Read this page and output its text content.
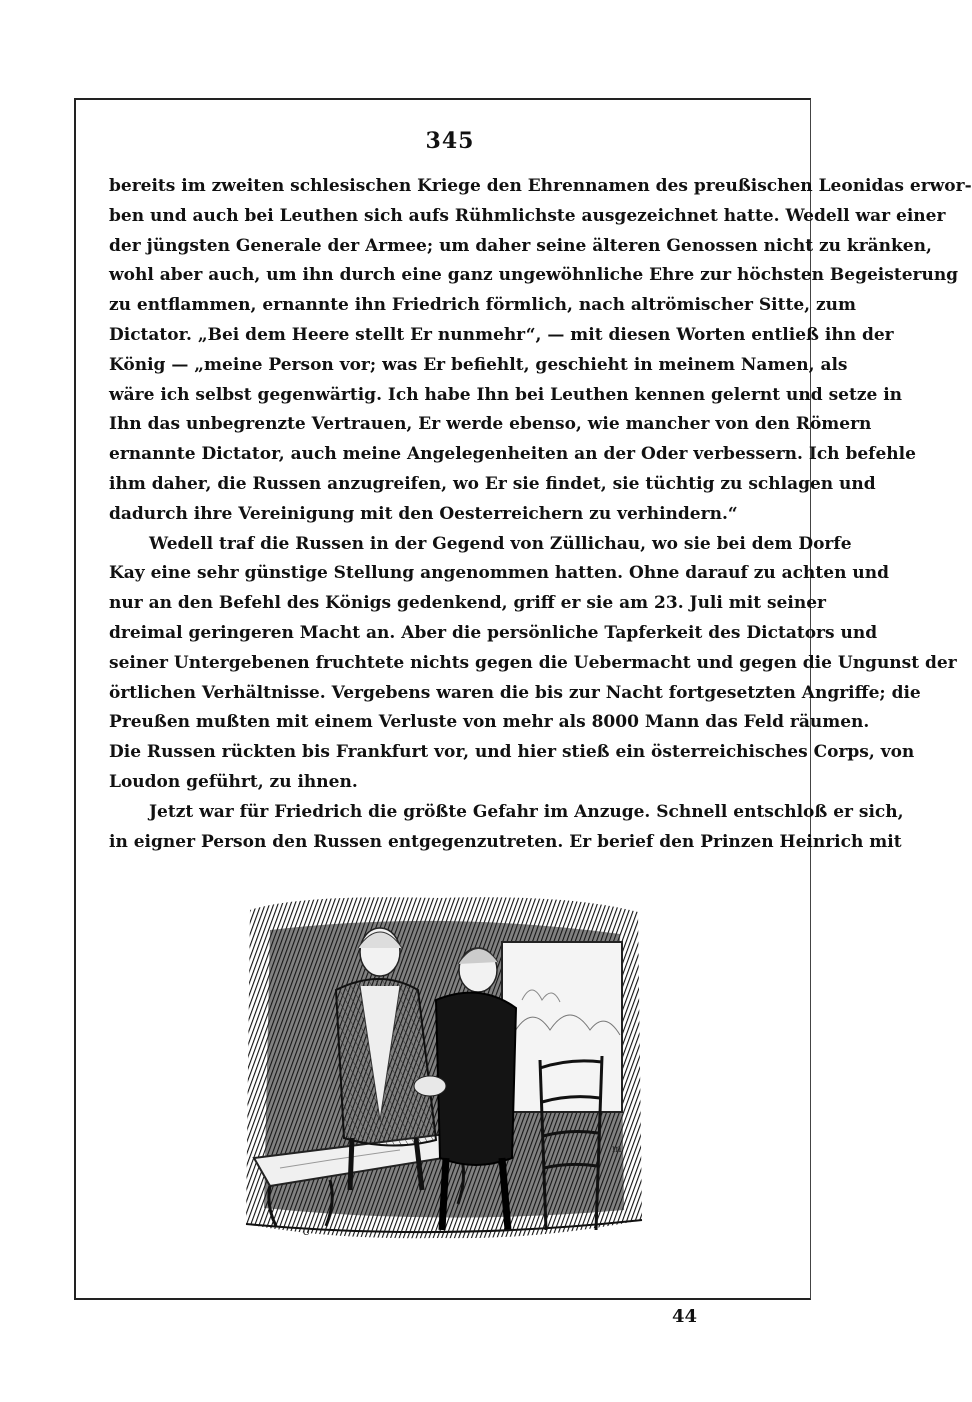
345

bereits im zweiten schlesischen Kriege den Ehrennamen des preußischen Leonidas erwor-
ben und auch bei Leuthen sich aufs Rühmlichste ausgezeichnet hatte. Wedell war einer
der jüngsten Generale der Armee; um daher seine älteren Genossen nicht zu kränken,
wohl aber auch, um ihn durch eine ganz ungewöhnliche Ehre zur höchsten Begeisterung
zu entflammen, ernannte ihn Friedrich förmlich, nach altrömischer Sitte, zum
Dictator. „Bei dem Heere stellt Er nunmehr“, — mit diesen Worten entließ ihn der
König — „meine Person vor; was Er befiehlt, geschieht in meinem Namen, als
wäre ich selbst gegenwärtig. Ich habe Ihn bei Leuthen kennen gelernt und setze in
Ihn das unbegrenzte Vertrauen, Er werde ebenso, wie mancher von den Römern
ernannte Dictator, auch meine Angelegenheiten an der Oder verbessern. Ich befehle
ihm daher, die Russen anzugreifen, wo Er sie findet, sie tüchtig zu schlagen und
dadurch ihre Vereinigung mit den Oesterreichern zu verhindern.“

Wedell traf die Russen in der Gegend von Züllichau, wo sie bei dem Dorfe
Kay eine sehr günstige Stellung angenommen hatten. Ohne darauf zu achten und
nur an den Befehl des Königs gedenkend, griff er sie am 23. Juli mit seiner
dreimal geringeren Macht an. Aber die persönliche Tapferkeit des Dictators und
seiner Untergebenen fruchtete nichts gegen die Uebermacht und gegen die Ungunst der
örtlichen Verhältnisse. Vergebens waren die bis zur Nacht fortgesetzten Angriffe; die
Preußen mußten mit einem Verluste von mehr als 8000 Mann das Feld räumen.
Die Russen rückten bis Frankfurt vor, und hier stieß ein österreichisches Corps, von
Loudon geführt, zu ihnen.

Jetzt war für Friedrich die größte Gefahr im Anzuge. Schnell entschloß er sich,
in eigner Person den Russen entgegenzutreten. Er berief den Prinzen Heinrich mit

U
m
44
